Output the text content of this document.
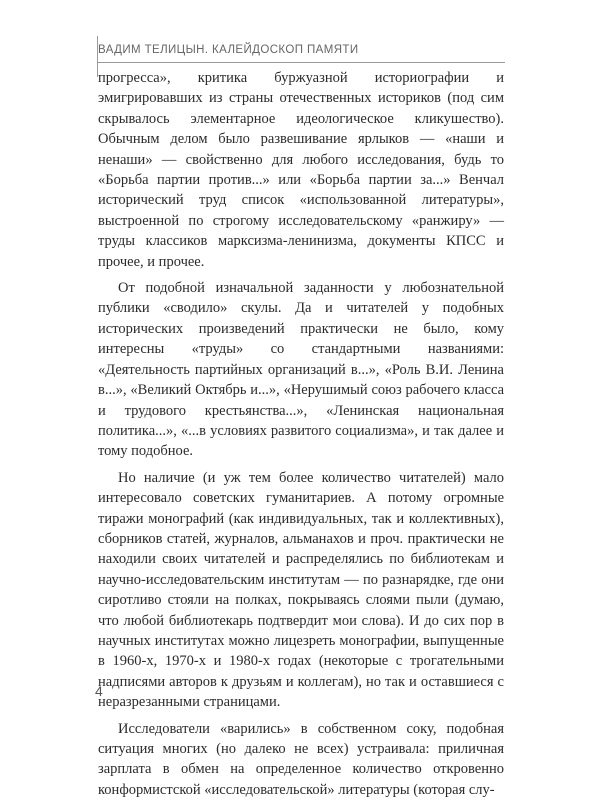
ВАДИМ ТЕЛИЦЫН. КАЛЕЙДОСКОП ПАМЯТИ

прогресса», критика буржуазной историографии и эмигрировавших из страны отечественных историков (под сим скрывалось элементарное идеологическое кликушество). Обычным делом было развешивание ярлыков — «наши и ненаши» — свойственно для любого исследования, будь то «Борьба партии против...» или «Борьба партии за...» Венчал исторический труд список «использованной литературы», выстроенной по строгому исследовательскому «ранжиру» — труды классиков марксизма-ленинизма, документы КПСС и прочее, и прочее.

От подобной изначальной заданности у любознательной публики «сводило» скулы. Да и читателей у подобных исторических произведений практически не было, кому интересны «труды» со стандартными названиями: «Деятельность партийных организаций в...», «Роль В.И. Ленина в...», «Великий Октябрь и...», «Нерушимый союз рабочего класса и трудового крестьянства...», «Ленинская национальная политика...», «...в условиях развитого социализма», и так далее и тому подобное.

Но наличие (и уж тем более количество читателей) мало интересовало советских гуманитариев. А потому огромные тиражи монографий (как индивидуальных, так и коллективных), сборников статей, журналов, альманахов и проч. практически не находили своих читателей и распределялись по библиотекам и научно-исследовательским институтам — по разнарядке, где они сиротливо стояли на полках, покрываясь слоями пыли (думаю, что любой библиотекарь подтвердит мои слова). И до сих пор в научных институтах можно лицезреть монографии, выпущенные в 1960-х, 1970-х и 1980-х годах (некоторые с трогательными надписями авторов к друзьям и коллегам), но так и оставшиеся с неразрезанными страницами.

Исследователи «варились» в собственном соку, подобная ситуация многих (но далеко не всех) устраивала: приличная зарплата в обмен на определенное количество откровенно конформистской «исследовательской» литературы (которая слу-

4
